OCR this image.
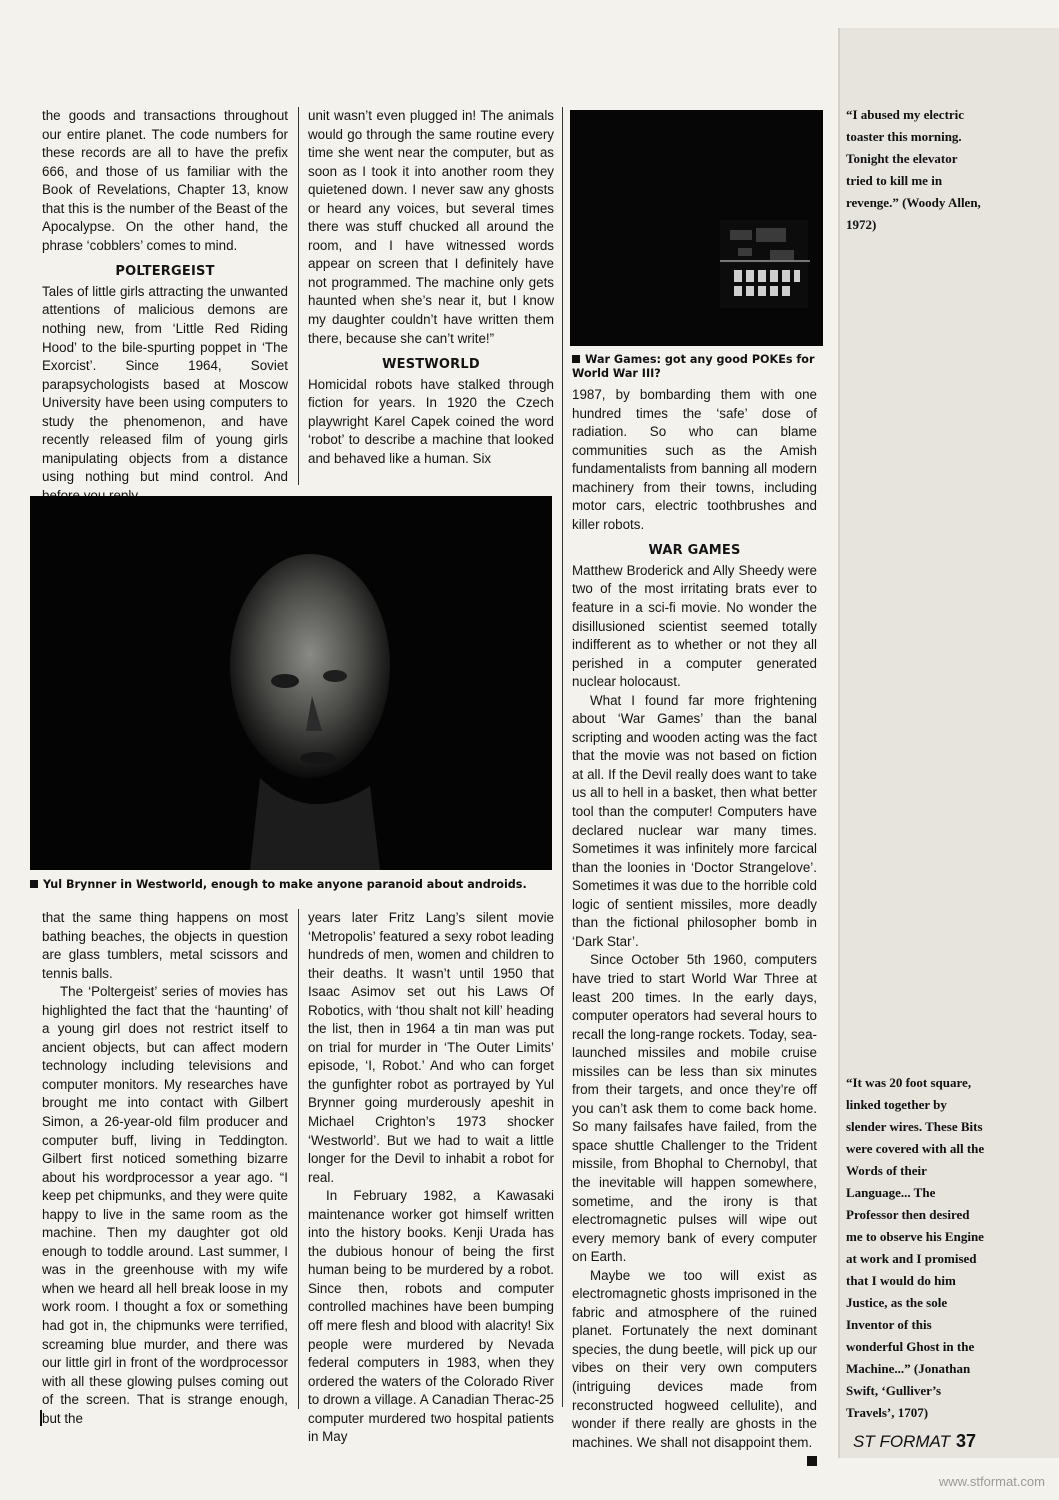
the goods and transactions throughout our entire planet. The code numbers for these records are all to have the prefix 666, and those of us familiar with the Book of Revelations, Chapter 13, know that this is the number of the Beast of the Apocalypse. On the other hand, the phrase ‘cobblers’ comes to mind.

POLTERGEIST

Tales of little girls attracting the unwanted attentions of malicious demons are nothing new, from ‘Little Red Riding Hood’ to the bile-spurting poppet in ‘The Exorcist’. Since 1964, Soviet parapsychologists based at Moscow University have been using computers to study the phenomenon, and have recently released film of young girls manipulating objects from a distance using nothing but mind control. And

unit wasn’t even plugged in! The animals would go through the same routine every time she went near the computer, but as soon as I took it into another room they quietened down. I never saw any ghosts or heard any voices, but several times there was stuff chucked all around the room, and I have witnessed words appear on screen that I definitely have not programmed. The machine only gets haunted when she’s near it, but I know my daughter couldn’t have written them there, because she can’t write!”

WESTWORLD

Homicidal robots have stalked through fiction for years. In 1920 the Czech playwright Karel Capek coined the word ‘robot’ to describe a machine that looked and behaved like a human. Six

War Games: got any good POKEs for World War III?

1987, by bombarding them with one hundred times the ‘safe’ dose of radiation. So who can blame communities such as the Amish fundamentalists from banning all modern machinery from their towns, including motor cars, electric toothbrushes and killer robots.

WAR GAMES

Matthew Broderick and Ally Sheedy were two of the most irritating brats ever to feature in a sci-fi movie. No wonder the disillusioned scientist seemed totally indifferent as to whether or not they all perished in a computer generated nuclear holocaust.

What I found far more frightening about ‘War Games’ than the banal scripting and wooden acting was the fact that the movie was not based on fiction at all. If the Devil really does want to take us all to hell in a basket, then what better tool than the computer! Computers have declared nuclear war many times. Sometimes it was infinitely more farcical than the loonies in ‘Doctor Strangelove’. Sometimes it was due to the horrible cold logic of sentient missiles, more deadly than the fictional philosopher bomb in ‘Dark Star’.

Since October 5th 1960, computers have tried to start World War Three at least 200 times. In the early days, computer operators had several hours to recall the long-range rockets. Today, sea-launched missiles and mobile cruise missiles can be less than six minutes from their targets, and once they’re off you can’t ask them to come back home. So many failsafes have failed, from the space shuttle Challenger to the Trident missile, from Bhophal to Chernobyl, that the inevitable will happen somewhere, sometime, and the irony is that electromagnetic pulses will wipe out every memory bank of every computer on Earth.

Maybe we too will exist as electromagnetic ghosts imprisoned in the fabric and atmosphere of the ruined planet. Fortunately the next dominant species, the dung beetle, will pick up our vibes on their very own computers (intriguing devices made from reconstructed hogweed cellulite), and wonder if there really are ghosts in the machines. We shall not disappoint them.

Yul Brynner in Westworld, enough to make anyone paranoid about androids.

that the same thing happens on most bathing beaches, the objects in question are glass tumblers, metal scissors and tennis balls.

The ‘Poltergeist’ series of movies has highlighted the fact that the ‘haunting’ of a young girl does not restrict itself to ancient objects, but can affect modern technology including televisions and computer monitors. My researches have brought me into contact with Gilbert Simon, a 26-year-old film producer and computer buff, living in Teddington. Gilbert first noticed something bizarre about his wordprocessor a year ago. “I keep pet chipmunks, and they were quite happy to live in the same room as the machine. Then my daughter got old enough to toddle around. Last summer, I was in the greenhouse with my wife when we heard all hell break loose in my work room. I thought a fox or something had got in, the chipmunks were terrified, screaming blue murder, and there was our little girl in front of the wordprocessor with all these glowing pulses coming out of the screen. That is strange enough, but the

years later Fritz Lang’s silent movie ‘Metropolis’ featured a sexy robot leading hundreds of men, women and children to their deaths. It wasn’t until 1950 that Isaac Asimov set out his Laws Of Robotics, with ‘thou shalt not kill’ heading the list, then in 1964 a tin man was put on trial for murder in ‘The Outer Limits’ episode, ‘I, Robot.’ And who can forget the gunfighter robot as portrayed by Yul Brynner going murderously apeshit in Michael Crighton’s 1973 shocker ‘Westworld’. But we had to wait a little longer for the Devil to inhabit a robot for real.

In February 1982, a Kawasaki maintenance worker got himself written into the history books. Kenji Urada has the dubious honour of being the first human being to be murdered by a robot. Since then, robots and computer controlled machines have been bumping off mere flesh and blood with alacrity! Six people were murdered by Nevada federal computers in 1983, when they ordered the waters of the Colorado River to drown a village. A Canadian Therac-25 computer murdered two hospital patients in May

“I abused my electric toaster this morning. Tonight the elevator tried to kill me in revenge.” (Woody Allen, 1972)
“It was 20 foot square, linked together by slender wires. These Bits were covered with all the Words of their Language... The Professor then desired me to observe his Engine at work and I promised that I would do him Justice, as the sole Inventor of this wonderful Ghost in the Machine...” (Jonathan Swift, ‘Gulliver’s Travels’, 1707)
ST FORMAT 37
www.stformat.com
